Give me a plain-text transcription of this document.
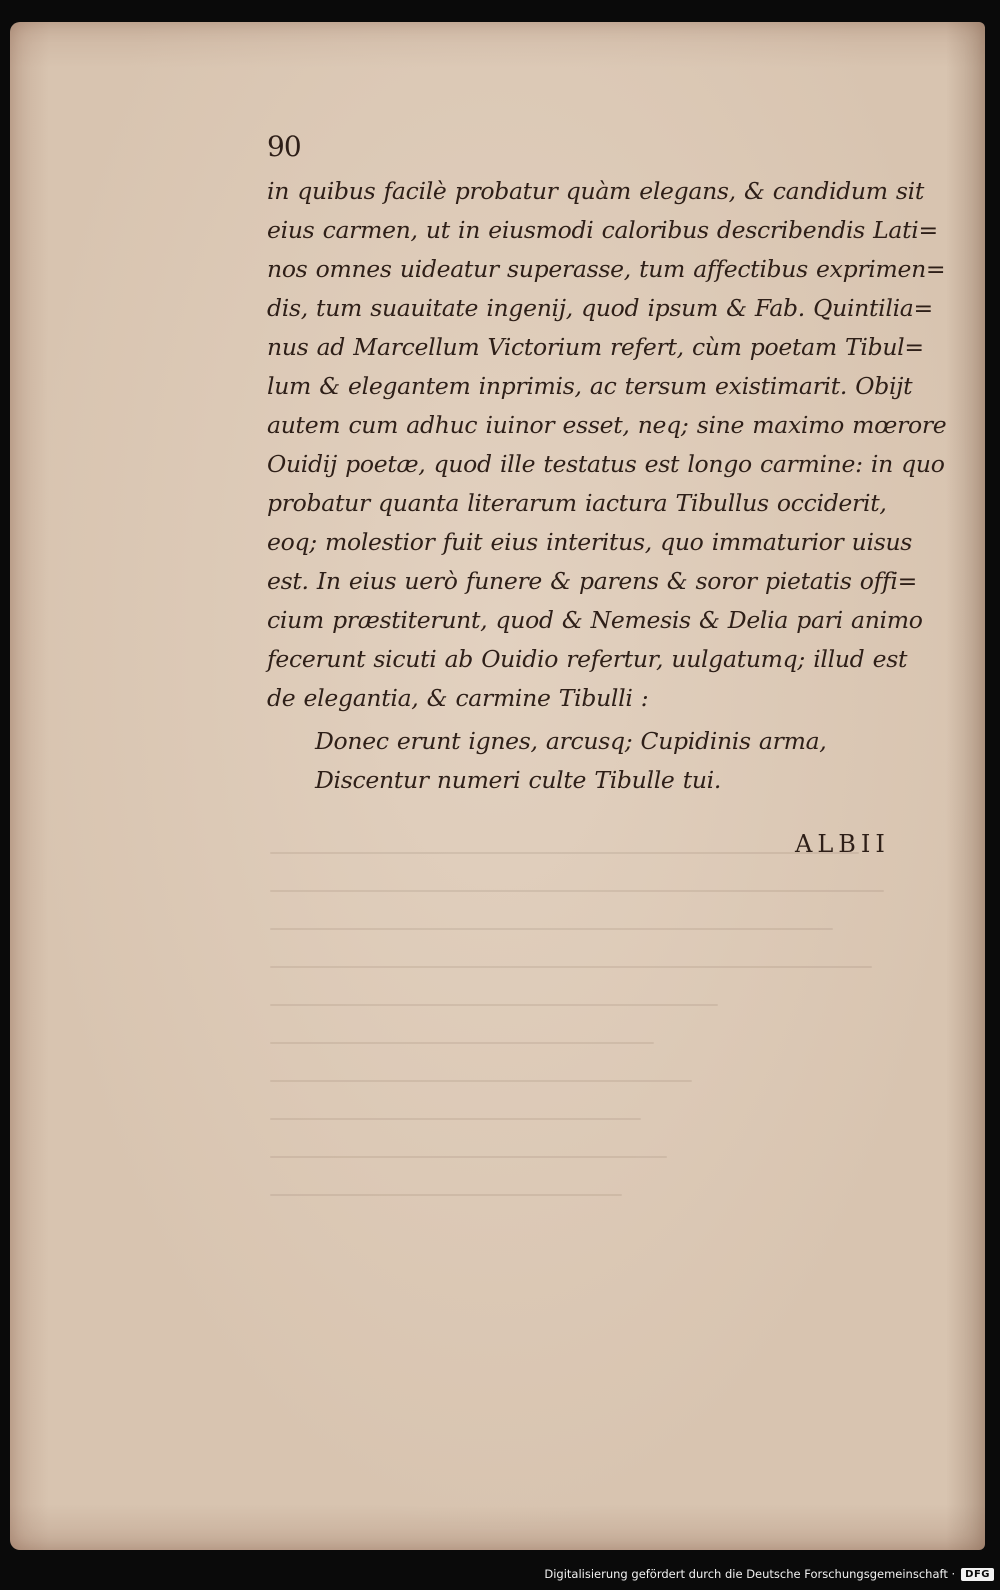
90
in quibus facilè probatur quàm elegans, & candidum sit
eius carmen, ut in eiusmodi caloribus describendis Lati=
nos omnes uideatur superasse, tum affectibus exprimen=
dis, tum suauitate ingenij, quod ipsum & Fab. Quintilia=
nus ad Marcellum Victorium refert, cùm poetam Tibul=
lum & elegantem inprimis, ac tersum existimarit. Obijt
autem cum adhuc iuinor esset, neq; sine maximo mœrore
Ouidij poetæ, quod ille testatus est longo carmine: in quo
probatur quanta literarum iactura Tibullus occiderit,
eoq; molestior fuit eius interitus, quo immaturior uisus
est. In eius uerò funere & parens & soror pietatis offi=
cium præstiterunt, quod & Nemesis & Delia pari animo
fecerunt sicuti ab Ouidio refertur, uulgatumq; illud est
de elegantia, & carmine Tibulli :
Donec erunt ignes, arcusq; Cupidinis arma,
Discentur numeri culte Tibulle tui.
ALBII
Digitalisierung gefördert durch die Deutsche Forschungsgemeinschaft ·	DFG
